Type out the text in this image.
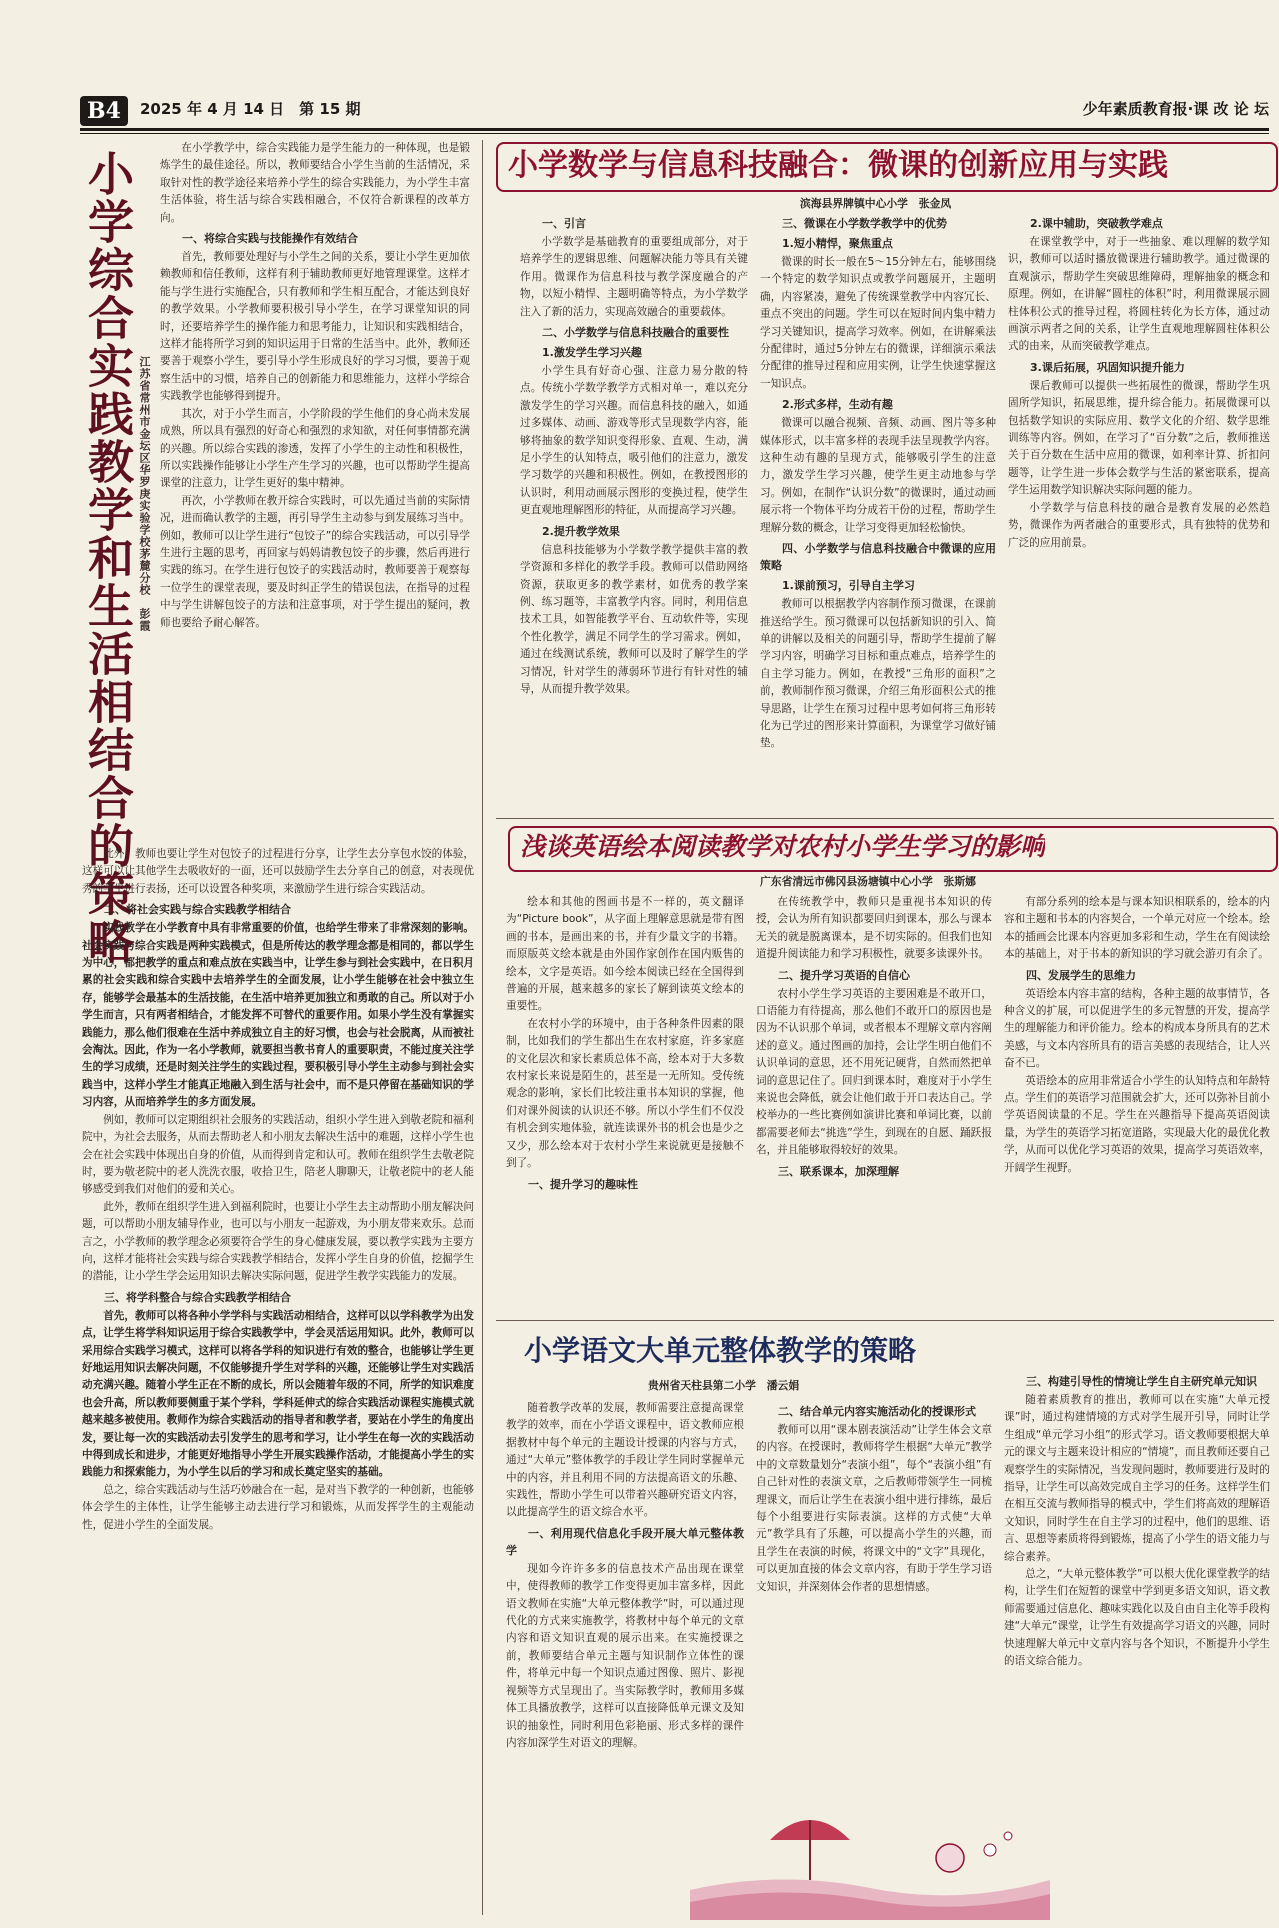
B4	2025 年 4 月 14 日　第 15 期	少年素质教育报·课 改 论 坛
小学综合实践教学和生活相结合的策略 江苏省常州市金坛区华罗庚实验学校茅麓分校　彭霞

在小学教学中，综合实践能力是学生能力的一种体现，也是锻炼学生的最佳途径。所以，教师要结合小学生当前的生活情况，采取针对性的教学途径来培养小学生的综合实践能力，为小学生丰富生活体验，将生活与综合实践相融合，不仅符合新课程的改革方向。

一、将综合实践与技能操作有效结合

首先，教师要处理好与小学生之间的关系，要让小学生更加依赖教师和信任教师，这样有利于辅助教师更好地管理课堂。这样才能与学生进行实施配合，只有教师和学生相互配合，才能达到良好的教学效果。小学教师要积极引导小学生，在学习课堂知识的同时，还要培养学生的操作能力和思考能力，让知识和实践相结合，这样才能将所学习到的知识运用于日常的生活当中。此外，教师还要善于观察小学生，要引导小学生形成良好的学习习惯，要善于观察生活中的习惯，培养自己的创新能力和思维能力，这样小学综合实践教学也能够得到提升。

其次，对于小学生而言，小学阶段的学生他们的身心尚未发展成熟，所以具有强烈的好奇心和强烈的求知欲，对任何事情都充满的兴趣。所以综合实践的渗透，发挥了小学生的主动性和积极性，所以实践操作能够让小学生产生学习的兴趣，也可以帮助学生提高课堂的注意力，让学生更好的集中精神。

再次，小学教师在教开综合实践时，可以先通过当前的实际情况，进而确认教学的主题，再引导学生主动参与到发展练习当中。例如，教师可以让学生进行“包饺子”的综合实践活动，可以引导学生进行主题的思考，再回家与妈妈请教包饺子的步骤，然后再进行实践的练习。在学生进行包饺子的实践活动时，教师要善于观察每一位学生的课堂表现，要及时纠正学生的错误包法，在指导的过程中与学生讲解包饺子的方法和注意事项，对于学生提出的疑问，教师也要给予耐心解答。

此外，教师也要让学生对包饺子的过程进行分享，让学生去分享包水饺的体验，这样可以让其他学生去吸收好的一面，还可以鼓励学生去分享自己的创意，对表现优秀的学生进行表扬，还可以设置各种奖项，来激励学生进行综合实践活动。

二、将社会实践与综合实践教学相结合

实践教学在小学教育中具有非常重要的价值，也给学生带来了非常深刻的影响。社会实践与综合实践是两种实践模式，但是所传达的教学理念都是相同的，都以学生为中心，都把教学的重点和难点放在实践当中，让学生参与到社会实践中，在日积月累的社会实践和综合实践中去培养学生的全面发展，让小学生能够在社会中独立生存，能够学会最基本的生活技能，在生活中培养更加独立和勇敢的自己。所以对于小学生而言，只有两者相结合，才能发挥不可替代的重要作用。如果小学生没有掌握实践能力，那么他们很难在生活中养成独立自主的好习惯，也会与社会脱离，从而被社会淘汰。因此，作为一名小学教师，就要担当教书育人的重要职责，不能过度关注学生的学习成绩，还是时刻关注学生的实践过程，要积极引导小学生主动参与到社会实践当中，这样小学生才能真正地融入到生活与社会中，而不是只停留在基础知识的学习内容，从而培养学生的多方面发展。

例如，教师可以定期组织社会服务的实践活动，组织小学生进入到敬老院和福利院中，为社会去服务，从而去帮助老人和小朋友去解决生活中的难题，这样小学生也会在社会实践中体现出自身的价值，从而得到肯定和认可。教师在组织学生去敬老院时，要为敬老院中的老人洗洗衣服，收拾卫生，陪老人聊聊天，让敬老院中的老人能够感受到我们对他们的爱和关心。

此外，教师在组织学生进入到福利院时，也要让小学生去主动帮助小朋友解决问题，可以帮助小朋友辅导作业，也可以与小朋友一起游戏，为小朋友带来欢乐。总而言之，小学教师的教学理念必须要符合学生的身心健康发展，要以教学实践为主要方向，这样才能将社会实践与综合实践教学相结合，发挥小学生自身的价值，挖掘学生的潜能，让小学生学会运用知识去解决实际问题，促进学生教学实践能力的发展。

三、将学科整合与综合实践教学相结合

首先，教师可以将各种小学学科与实践活动相结合，这样可以以学科教学为出发点，让学生将学科知识运用于综合实践教学中，学会灵活运用知识。此外，教师可以采用综合实践学习模式，这样可以将各学科的知识进行有效的整合，也能够让学生更好地运用知识去解决问题，不仅能够提升学生对学科的兴趣，还能够让学生对实践活动充满兴趣。随着小学生正在不断的成长，所以会随着年级的不同，所学的知识难度也会升高，所以教师要侧重于某个学科，学科延伸式的综合实践活动课程实施模式就越来越多被使用。教师作为综合实践活动的指导者和教学者，要站在小学生的角度出发，要让每一次的实践活动去引发学生的思考和学习，让小学生在每一次的实践活动中得到成长和进步，才能更好地指导小学生开展实践操作活动，才能提高小学生的实践能力和探索能力，为小学生以后的学习和成长奠定坚实的基础。

总之，综合实践活动与生活巧妙融合在一起，是对当下教学的一种创新，也能够体会学生的主体性，让学生能够主动去进行学习和锻炼，从而发挥学生的主观能动性，促进小学生的全面发展。

小学数学与信息科技融合：微课的创新应用与实践
滨海县界牌镇中心小学　张金凤
一、引言

小学数学是基础教育的重要组成部分，对于培养学生的逻辑思维、问题解决能力等具有关键作用。微课作为信息科技与教学深度融合的产物，以短小精悍、主题明确等特点，为小学数学注入了新的活力，实现高效融合的重要载体。

二、小学数学与信息科技融合的重要性
1.激发学生学习兴趣

小学生具有好奇心强、注意力易分散的特点。传统小学数学教学方式相对单一，难以充分激发学生的学习兴趣。而信息科技的融入，如通过多媒体、动画、游戏等形式呈现数学内容，能够将抽象的数学知识变得形象、直观、生动，满足小学生的认知特点，吸引他们的注意力，激发学习数学的兴趣和积极性。例如，在教授图形的认识时，利用动画展示图形的变换过程，使学生更直观地理解图形的特征，从而提高学习兴趣。

2.提升教学效果

信息科技能够为小学数学教学提供丰富的教学资源和多样化的教学手段。教师可以借助网络资源，获取更多的教学素材，如优秀的教学案例、练习题等，丰富教学内容。同时，利用信息技术工具，如智能教学平台、互动软件等，实现个性化教学，满足不同学生的学习需求。例如，通过在线测试系统，教师可以及时了解学生的学习情况，针对学生的薄弱环节进行有针对性的辅导，从而提升教学效果。

三、微课在小学数学教学中的优势
1.短小精悍，聚焦重点

微课的时长一般在5～15分钟左右，能够围绕一个特定的数学知识点或教学问题展开，主题明确，内容紧凑，避免了传统课堂教学中内容冗长、重点不突出的问题。学生可以在短时间内集中精力学习关键知识，提高学习效率。例如，在讲解乘法分配律时，通过5分钟左右的微课，详细演示乘法分配律的推导过程和应用实例，让学生快速掌握这一知识点。

2.形式多样，生动有趣

微课可以融合视频、音频、动画、图片等多种媒体形式，以丰富多样的表现手法呈现教学内容。这种生动有趣的呈现方式，能够吸引学生的注意力，激发学生学习兴趣，使学生更主动地参与学习。例如，在制作“认识分数”的微课时，通过动画展示将一个物体平均分成若干份的过程，帮助学生理解分数的概念，让学习变得更加轻松愉快。

四、小学数学与信息科技融合中微课的应用策略
1.课前预习，引导自主学习

教师可以根据教学内容制作预习微课，在课前推送给学生。预习微课可以包括新知识的引入、简单的讲解以及相关的问题引导，帮助学生提前了解学习内容，明确学习目标和重点难点，培养学生的自主学习能力。例如，在教授“三角形的面积”之前，教师制作预习微课，介绍三角形面积公式的推导思路，让学生在预习过程中思考如何将三角形转化为已学过的图形来计算面积，为课堂学习做好铺垫。

2.课中辅助，突破教学难点

在课堂教学中，对于一些抽象、难以理解的数学知识，教师可以适时播放微课进行辅助教学。通过微课的直观演示，帮助学生突破思维障碍，理解抽象的概念和原理。例如，在讲解“圆柱的体积”时，利用微课展示圆柱体积公式的推导过程，将圆柱转化为长方体，通过动画演示两者之间的关系，让学生直观地理解圆柱体积公式的由来，从而突破教学难点。

3.课后拓展，巩固知识提升能力

课后教师可以提供一些拓展性的微课，帮助学生巩固所学知识，拓展思维，提升综合能力。拓展微课可以包括数学知识的实际应用、数学文化的介绍、数学思维训练等内容。例如，在学习了“百分数”之后，教师推送关于百分数在生活中应用的微课，如利率计算、折扣问题等，让学生进一步体会数学与生活的紧密联系，提高学生运用数学知识解决实际问题的能力。

小学数学与信息科技的融合是教育发展的必然趋势，微课作为两者融合的重要形式，具有独特的优势和广泛的应用前景。

浅谈英语绘本阅读教学对农村小学生学习的影响
广东省清远市佛冈县汤塘镇中心小学　张斯娜

绘本和其他的图画书是不一样的，英文翻译为“Picture book”，从字面上理解意思就是带有图画的书本，是画出来的书，并有少量文字的书籍。而原版英文绘本就是由外国作家创作在国内贩售的绘本，文字是英语。如今绘本阅读已经在全国得到普遍的开展，越来越多的家长了解到读英文绘本的重要性。

在农村小学的环境中，由于各种条件因素的限制，比如我们的学生都出生在农村家庭，许多家庭的文化层次和家长素质总体不高，绘本对于大多数农村家长来说是陌生的，甚至是一无所知。受传统观念的影响，家长们比较注重书本知识的掌握，他们对课外阅读的认识还不够。所以小学生们不仅没有机会到实地体验，就连读课外书的机会也是少之又少，那么绘本对于农村小学生来说就更是接触不到了。

一、提升学习的趣味性

在传统教学中，教师只是重视书本知识的传授，会认为所有知识都要回归到课本，那么与课本无关的就是脱离课本，是不切实际的。但我们也知道提升阅读能力和学习积极性，就要多读课外书。

二、提升学习英语的自信心

农村小学生学习英语的主要困难是不敢开口，口语能力有待提高，那么他们不敢开口的原因也是因为不认识那个单词，或者根本不理解文章内容阐述的意义。通过图画的加持，会让学生明白他们不认识单词的意思，还不用死记硬背，自然而然把单词的意思记住了。回归到课本时，难度对于小学生来说也会降低，就会让他们敢于开口表达自己。学校举办的一些比赛例如演讲比赛和单词比赛，以前都需要老师去“挑选”学生，到现在的自愿、踊跃报名，并且能够取得较好的效果。

三、联系课本，加深理解

有部分系列的绘本是与课本知识相联系的，绘本的内容和主题和书本的内容契合，一个单元对应一个绘本。绘本的插画会比课本内容更加多彩和生动，学生在有阅读绘本的基础上，对于书本的新知识的学习就会游刃有余了。

四、发展学生的思维力

英语绘本内容丰富的结构，各种主题的故事情节，各种含义的扩展，可以促进学生的多元智慧的开发，提高学生的理解能力和评价能力。绘本的构成本身所具有的艺术美感，与文本内容所具有的语言美感的表现结合，让人兴奋不已。

英语绘本的应用非常适合小学生的认知特点和年龄特点。学生们的英语学习范围就会扩大，还可以弥补目前小学英语阅读量的不足。学生在兴趣指导下提高英语阅读量，为学生的英语学习拓宽道路，实现最大化的最优化教学，从而可以优化学习英语的效果，提高学习英语效率，开阔学生视野。

小学语文大单元整体教学的策略
贵州省天柱县第二小学　潘云娟

随着教学改革的发展，教师需要注意提高课堂教学的效率，而在小学语文课程中，语文教师应根据教材中每个单元的主题设计授课的内容与方式，通过“大单元”整体教学的手段让学生同时掌握单元中的内容，并且利用不同的方法提高语文的乐趣、实践性，帮助小学生可以带着兴趣研究语文内容，以此提高学生的语文综合水平。

一、利用现代信息化手段开展大单元整体教学

现如今许许多多的信息技术产品出现在课堂中，使得教师的教学工作变得更加丰富多样，因此语文教师在实施“大单元整体教学”时，可以通过现代化的方式来实施教学，将教材中每个单元的文章内容和语文知识直观的展示出来。在实施授课之前，教师要结合单元主题与知识制作立体性的课件，将单元中每一个知识点通过图像、照片、影视视频等方式呈现出了。当实际教学时，教师用多媒体工具播放教学，这样可以直接降低单元课文及知识的抽象性，同时利用色彩艳丽、形式多样的课件内容加深学生对语文的理解。

二、结合单元内容实施活动化的授课形式

教师可以用“课本剧表演活动”让学生体会文章的内容。在授课时，教师将学生根据“大单元”教学中的文章数量划分“表演小组”，每个“表演小组”有自己针对性的表演文章，之后教师带领学生一同梳理课文，而后让学生在表演小组中进行排练，最后每个小组要进行实际表演。这样的方式使“大单元”教学具有了乐趣，可以提高小学生的兴趣，而且学生在表演的时候，将课文中的“文字”具现化，可以更加直接的体会文章内容，有助于学生学习语文知识，并深刻体会作者的思想情感。

三、构建引导性的情境让学生自主研究单元知识

随着素质教育的推出，教师可以在实施“大单元授课”时，通过构建情境的方式对学生展开引导，同时让学生组成“单元学习小组”的形式学习。语文教师要根据大单元的课文与主题来设计相应的“情境”，而且教师还要自己观察学生的实际情况，当发现问题时，教师要进行及时的指导，让学生可以高效完成自主学习的任务。这样学生们在相互交流与教师指导的模式中，学生们将高效的理解语文知识，同时学生在自主学习的过程中，他们的思维、语言、思想等素质将得到锻炼，提高了小学生的语文能力与综合素养。

总之，“大单元整体教学”可以根大优化课堂教学的结构，让学生们在短暂的课堂中学到更多语文知识，语文教师需要通过信息化、趣味实践化以及自由自主化等手段构建“大单元”课堂，让学生有效提高学习语文的兴趣，同时快速理解大单元中文章内容与各个知识，不断提升小学生的语文综合能力。
